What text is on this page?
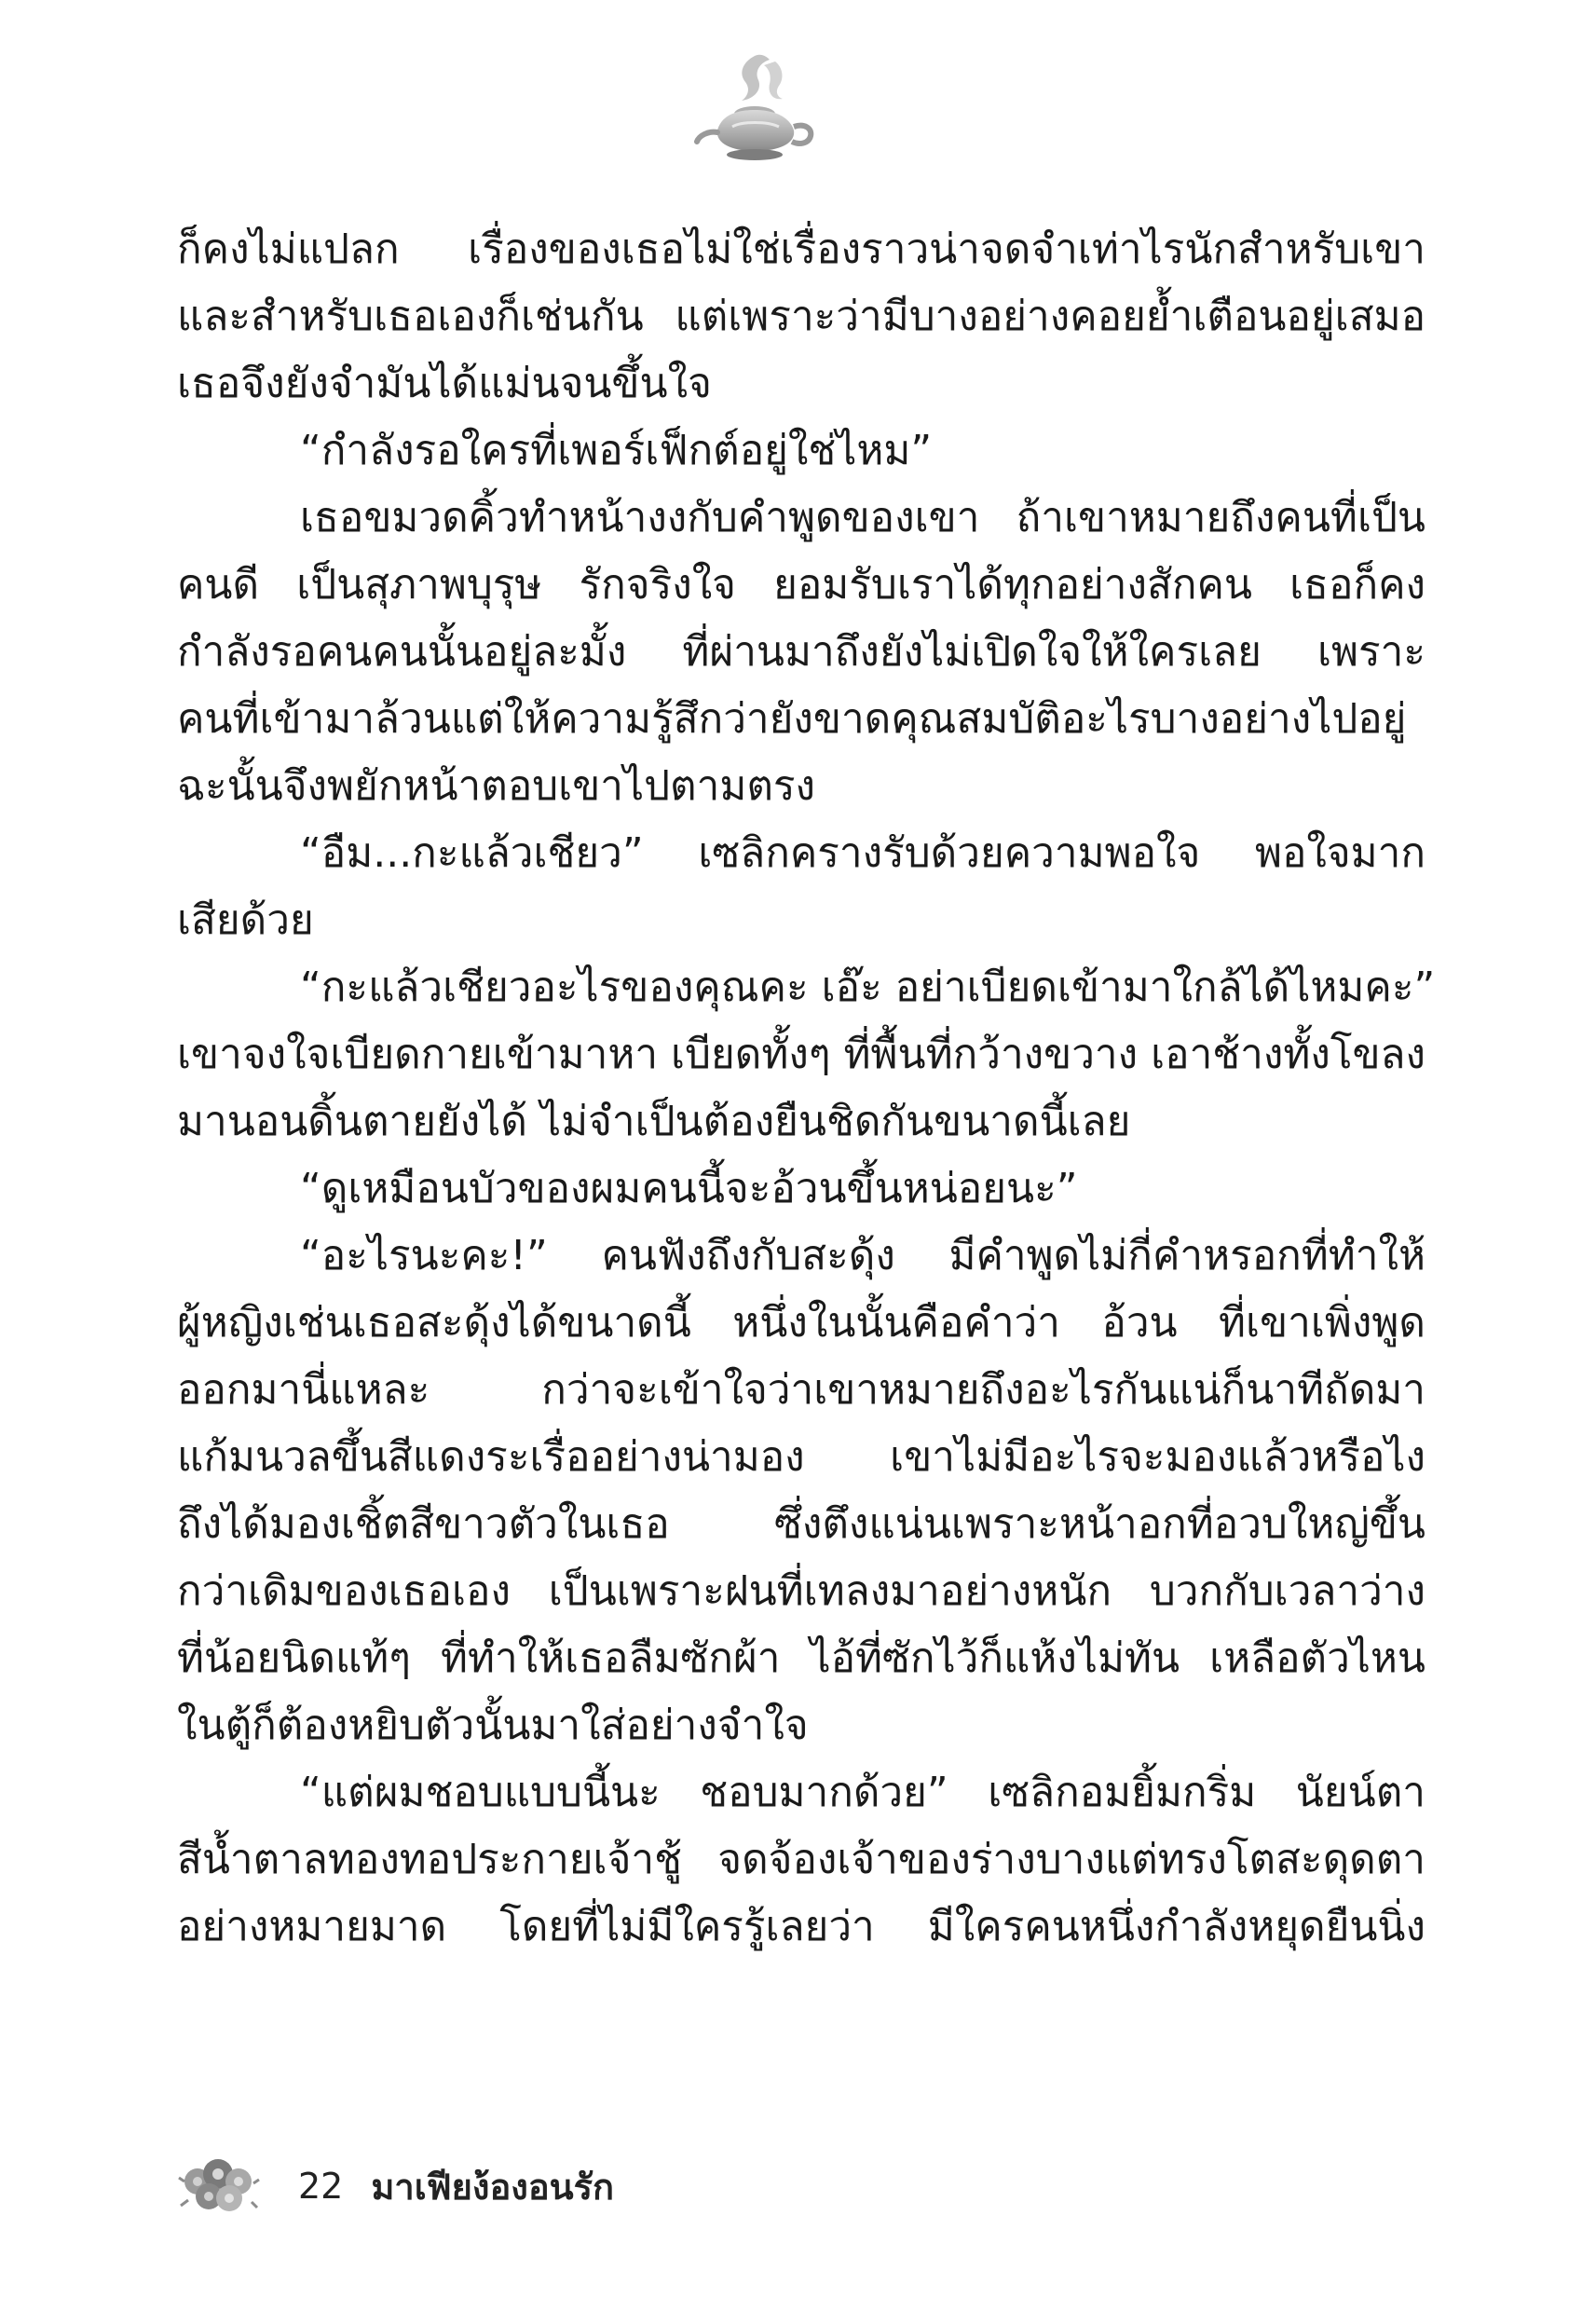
ก็คงไม่แปลก เรื่องของเธอไม่ใช่เรื่องราวน่าจดจำเท่าไรนักสำหรับเขา
และสำหรับเธอเองก็เช่นกัน แต่เพราะว่ามีบางอย่างคอยย้ำเตือนอยู่เสมอ
เธอจึงยังจำมันได้แม่นจนขึ้นใจ
“กำลังรอใครที่เพอร์เฟ็กต์อยู่ใช่ไหม”
เธอขมวดคิ้วทำหน้างงกับคำพูดของเขา ถ้าเขาหมายถึงคนที่เป็น
คนดี เป็นสุภาพบุรุษ รักจริงใจ ยอมรับเราได้ทุกอย่างสักคน เธอก็คง
กำลังรอคนคนนั้นอยู่ละมั้ง ที่ผ่านมาถึงยังไม่เปิดใจให้ใครเลย เพราะ
คนที่เข้ามาล้วนแต่ให้ความรู้สึกว่ายังขาดคุณสมบัติอะไรบางอย่างไปอยู่
ฉะนั้นจึงพยักหน้าตอบเขาไปตามตรง
“อืม...กะแล้วเชียว” เซลิกครางรับด้วยความพอใจ พอใจมาก
เสียด้วย
“กะแล้วเชียวอะไรของคุณคะ เอ๊ะ อย่าเบียดเข้ามาใกล้ได้ไหมคะ”
เขาจงใจเบียดกายเข้ามาหา เบียดทั้งๆ ที่พื้นที่กว้างขวาง เอาช้างทั้งโขลง
มานอนดิ้นตายยังได้ ไม่จำเป็นต้องยืนชิดกันขนาดนี้เลย
“ดูเหมือนบัวของผมคนนี้จะอ้วนขึ้นหน่อยนะ”
“อะไรนะคะ!” คนฟังถึงกับสะดุ้ง มีคำพูดไม่กี่คำหรอกที่ทำให้
ผู้หญิงเช่นเธอสะดุ้งได้ขนาดนี้ หนึ่งในนั้นคือคำว่า อ้วน ที่เขาเพิ่งพูด
ออกมานี่แหละ กว่าจะเข้าใจว่าเขาหมายถึงอะไรกันแน่ก็นาทีถัดมา
แก้มนวลขึ้นสีแดงระเรื่ออย่างน่ามอง เขาไม่มีอะไรจะมองแล้วหรือไง
ถึงได้มองเชิ้ตสีขาวตัวในเธอ ซึ่งตึงแน่นเพราะหน้าอกที่อวบใหญ่ขึ้น
กว่าเดิมของเธอเอง เป็นเพราะฝนที่เทลงมาอย่างหนัก บวกกับเวลาว่าง
ที่น้อยนิดแท้ๆ ที่ทำให้เธอลืมซักผ้า ไอ้ที่ซักไว้ก็แห้งไม่ทัน เหลือตัวไหน
ในตู้ก็ต้องหยิบตัวนั้นมาใส่อย่างจำใจ
“แต่ผมชอบแบบนี้นะ ชอบมากด้วย” เซลิกอมยิ้มกริ่ม นัยน์ตา
สีน้ำตาลทองทอประกายเจ้าชู้ จดจ้องเจ้าของร่างบางแต่ทรงโตสะดุดตา
อย่างหมายมาด โดยที่ไม่มีใครรู้เลยว่า มีใครคนหนึ่งกำลังหยุดยืนนิ่ง
22 มาเฟียง้องอนรัก
